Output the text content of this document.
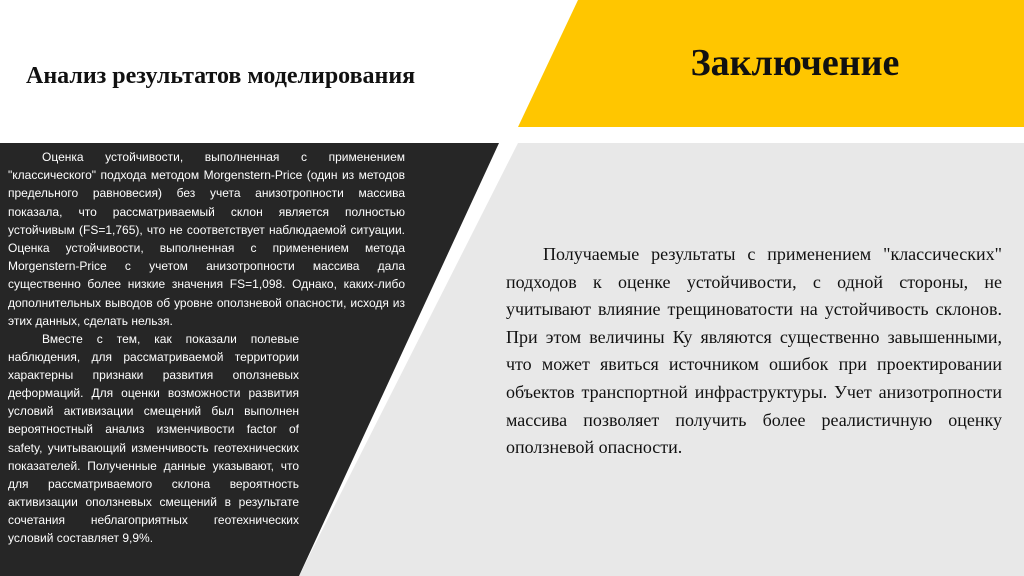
Анализ результатов моделирования	Заключение

Оценка устойчивости, выполненная с применением "классического" подхода методом Morgenstern-Price (один из методов предельного равновесия) без учета анизотропности массива показала, что рассматриваемый склон является полностью устойчивым (FS=1,765), что не соответствует наблюдаемой ситуации. Оценка устойчивости, выполненная с применением метода Morgenstern-Price с учетом анизотропности массива дала существенно более низкие значения FS=1,098. Однако, каких-либо дополнительных выводов об уровне оползневой опасности, исходя из этих данных, сделать нельзя.

Вместе с тем, как показали полевые наблюдения, для рассматриваемой территории характерны признаки развития оползневых деформаций. Для оценки возможности развития условий активизации смещений был выполнен вероятностный анализ изменчивости factor of safety, учитывающий изменчивость геотехнических показателей. Полученные данные указывают, что для рассматриваемого склона вероятность активизации оползневых смещений в результате сочетания неблагоприятных геотехнических условий составляет 9,9%.

Получаемые результаты с применением "классических" подходов к оценке устойчивости, с одной стороны, не учитывают влияние трещиноватости на устойчивость склонов. При этом величины Ку являются существенно завышенными, что может явиться источником ошибок при проектировании объектов транспортной инфраструктуры. Учет анизотропности массива позволяет получить более реалистичную оценку оползневой опасности.
